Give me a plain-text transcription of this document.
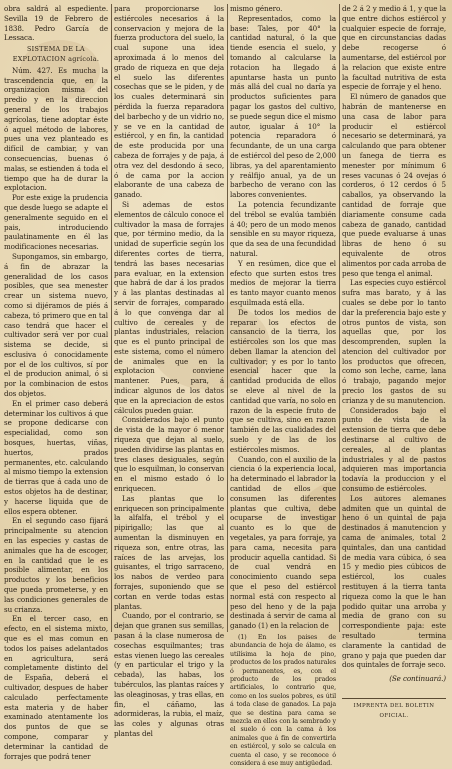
obra saldrá al espediente. Sevilla 19 de Febrero de 1838. Pedro García de Lessaca.

SISTEMA DE LA EXPLOTACION agrícola.

Núm. 427. Es mucha la trascendencia que, en la organizacion misma del predio y en la direccion general de los trabajos agrícolas, tiene adoptar éste ó aquel método de labores, pues una vez planteado es difícil de cambiar, y van consecuencias, buenas ó malas, se estienden á toda el tiempo que ha de durar la explotacion.

Por este exige la prudencia que desde luego se adapte el generalmente seguido en el pais, introduciendo paulatinamente en él las modificaciones necesarias.

Supongamos, sin embargo, á fin de abrazar la generalidad de los casos posibles, que sea menester crear un sistema nuevo, como si dijéramos de piés á cabeza, tó primero que en tal caso tendrá que hacer el cultivador será ver por cual sistema se decide, si esclusiva ó conocidamente por el de los cultivos, sí por el de producion animal, ó si por la combinacion de estos dos objetos.

En el primer caso deberá determinar los cultivos á que se propone dedicarse con especialidad, como son bosques, huertas, viñas, huertos, prados permanentes, etc. calculando al mismo tiempo la extension de tierras que á cada uno de estos objetos ha de destinar, y hacerse liquida que de ellos espera obtener.

En el segundo caso fijará principalmente su atencion en las especies y castas de animales que ha de escoger, en la cantidad que le es posible alimentar, en los productos y los beneficios que pueda prometerse, y en las condiciones generales de su crianza.

En el tercer caso, en efecto, en el sistema mixto, que es el mas comun en todos los paises adelantados en agricultura, será completamente distinto del de España, deberá el cultivador, despues de haber calculado perfectamente esta materia y de haber examinado atentamente los dos puntos de que se compone, comparar y determinar la cantidad de forrajes que podrá tener

para proporcionarse los estiércoles necesarios á la conservacion y mejora de la fuerza productora del suelo, la cual supone una idea aproximada á lo menos del grado de riqueza en que deja el suelo las diferentes cosechas que se le piden, y de los cuales determinará sin pérdida la fuerza reparadora del barbecho y de un vidrio no, y se ve en la cantidad de estiércol, y en fin, la cantidad de este producida por una cabeza de forrajes y de paja, á otra vez del desdondo á seco, ó de cama por la accion elaborante de una cabeza de ganado.

Si ademas de estos elementos de cálculo conoce el cultivador la masa de forrajes que, por término medio, da la unidad de superficie según los diferentes cortes de tierra, tendrá las bases necesarias para evaluar, en la extension que habrá de dar á los prados y á las plantas destinadas al servir de forrajes, comparado á lo que convenga dar al cultivo de cereales y de plantas industriales, relacion que es el punto principal de este sistema, como el número de animales que en la explotacion conviene mantener. Pues, para, á indicar algunos de los datos que en la apreciacion de estos cálculos pueden guiar.

Considerados bajo el punto de vista de la mayor ó menor riqueza que dejan al suelo, pueden dividirse las plantas en tres clases desiguales, según que lo esquilman, lo conservan en el mismo estado ó lo enriquecen.

Las plantas que lo enriquecen son principalmente la alfalfa, el trébol y el pipirigallo; las que al aumentan la disminuyen en riqueza son, entre otras, las raíces de las arvejas, los guisantes, el trigo sarraceno, los nabos de verdeo para forrajes, suponiendo que se cortan en verde todas estas plantas.

Cuando, por el contrario, se dejan que granen sus semillas, pasan á la clase numerosa de cosechas esquilmantes; tras estas vienen luego las cereales (y en particular el trigo y la cebada), las habas, los tubérculos, las plantas raíces y las oleaginosas, y tras ellas, en fin, el cáñamo, las adormideras, la rubia, el maíz, las coles y algunas otras plantas del

mismo género.

Representados, como la base: Tales, por 40° la cantidad natural, ó la que tiende esencia el suelo, y tomando al calcularse la rotacion ha llegado á apuntarse hasta un punto más allá del cual no daría ya productos suficientes para pagar los gastos del cultivo, se puede segun dice el mismo autor, igualar á 10° la potencia reparadora ó fecundante, de un una carga de estiércol del peso de 2,000 libras, ya del aparentamiento y reálfijo anual, ya de un barbecho de verano con las labores convenientes.

La potencia fecundizante del trébol se evalúa también á 40; pero de un modo menos sensible en su mayor riqueza, que da sea de una fecundidad natural.

Y en resúmen, dice que el efecto que surten estos tres medios de mejorar la tierra es tanto mayor cuanto menos esquilmada está ella.

De todos los medios de reparar los efectos de cansancio de la tierra, los estiércoles son los que mas deben llamar la atencion del cultivador; y es por lo tanto esencial hacer que la cantidad producida de ellos se eleve al nivel de la cantidad que varía, no solo en razon de la especie fruto de que se cultiva, sino en razon también de las cualidades del suelo y de las de los estiércoles mismos.

Cuando, con el auxilio de la ciencia ó la experiencia local, ha determinado el labrador la cantidad de ellos que consumen las diferentes plantas que cultiva, debe ocuparse de investigar cuanto es lo que de vegetales, ya para forraje, ya para cama, necesita para producir aquella cantidad. Si de cual vendrá en conocimiento cuando sepa que el peso del estiércol normal está con respecto al peso del heno y de la paja destinada á servir de cama al ganado (1) en la relacion de

(1) En los paises de abundancia de hoja de álamo, es utilísima la hoja de pino, productos de los prados naturales ó permanentes, es, con el producto de los prados artificiales, lo contrario que, como en los suelos pobres, es útil á toda clase de ganados. La paja que se destina para cama se mezcla en ellos con la sembrado y el suelo ó con la cama á los animales que á fin de convertirla en estiércol, y solo se calcula en cuenta el caso, y se reconoce ó considera á ese muy antigüedad.

de 2 á 2 y medio á 1, y que la que entre dichos estiércol y cualquier especie de forraje, que en circunstancias dadas debe recogerse ó aumentarse, del estiércol por la relacion que existe entre la facultad nutritiva de esta especie de forraje y el heno.

El número de ganados que habrán de mantenerse en una casa de labor para producir el estiércol necesario se determinará, ya calculando que para obtener un fanega de tierra es menester por mínimum 6 reses vacunas ó 24 ovejas ó corderos, ó 12 cerdos ó 5 caballos, ya observando la cantidad de forraje que diariamente consume cada cabeza de ganado, cantidad que puede evaluarse á unas libras de heno ó su equivalente de otros alimentos por cada arroba de peso que tenga el animal.

Las especies cuyo estiércol sufra mas barato, y á las cuales se debe por lo tanto dar la preferencia bajo este y otros puntos de vista, son aquellas que, por los descomprenden, suplen la atencion del cultivador por los productos que ofrecen, como son leche, carne, lana ó trabajo, pagando mejor precio los gastos de su crianza y de su manutencion.

Considerados bajo el punto de vista de la extension de tierra que debe destinarse al cultivo de cereales, al de plantas industriales y al de pastos adquieren mas importancia todavía la produccion y el consumo de estiércoles.

Los autores alemanes admiten que un quintal de heno ó un quintal de paja destinados á manutencion y cama de animales, total 2 quintales, dan una cantidad de media vara cúbica, ó sea 15 y medio pies cúbicos de estiércol, los cuales restituyen á la tierra tanta riqueza como la que le han podido quitar una arroba y media de grano con su correspondiente paja: este resultado termina claramente la cantidad de grano y paja que pueden dar dos quintales de forraje seco.

(Se continuará.)

IMPRENTA DEL BOLETIN OFICIAL.
